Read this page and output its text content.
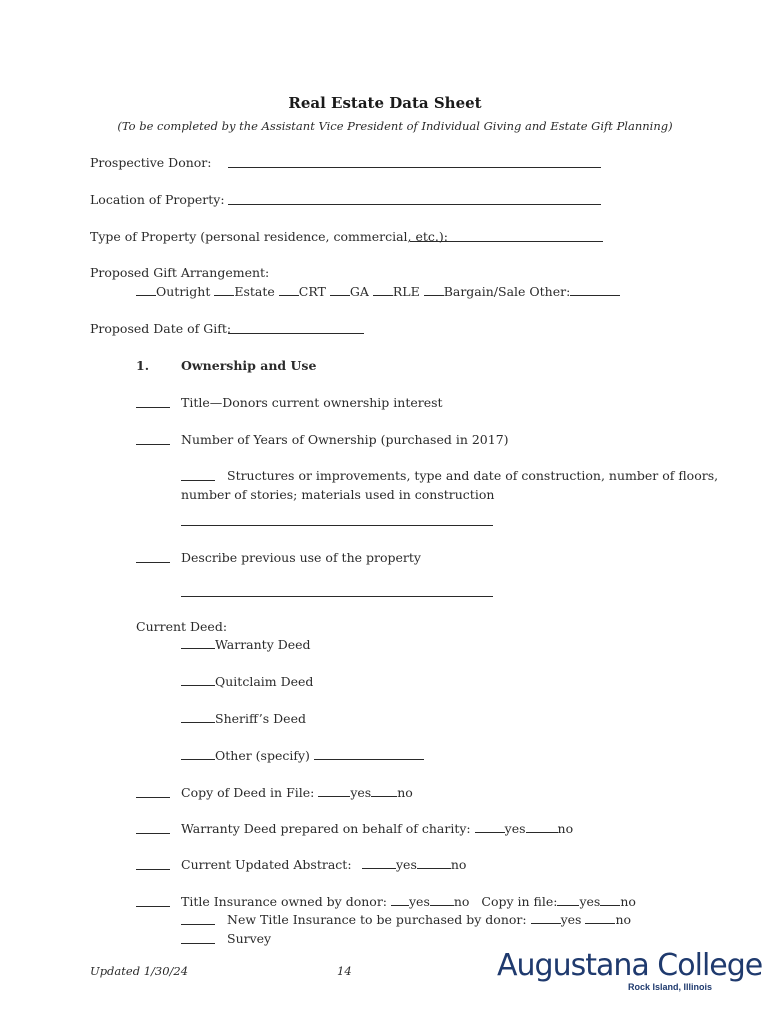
Real Estate Data Sheet
(To be completed by the Assistant Vice President of Individual Giving and Estate Gift Planning)
Prospective Donor:
Location of Property:
Type of Property (personal residence, commercial, etc.):
Proposed Gift Arrangement:
Outright Estate CRT GA RLE Bargain/Sale Other:
Proposed Date of Gift:
1.	Ownership and Use
Title—Donors current ownership interest
Number of Years of Ownership (purchased in 2017)
Structures or improvements, type and date of construction, number of floors,
number of stories; materials used in construction
Describe previous use of the property
Current Deed:
Warranty Deed
Quitclaim Deed
Sheriff’s Deed
Other (specify)
Copy of Deed in File:	yes no
Warranty Deed prepared on behalf of charity:	yes	no
Current Updated Abstract:	yes	no
Title Insurance owned by donor: yes no Copy in file: yes no
New Title Insurance to be purchased by donor:	yes	no
Survey
Updated 1/30/24	14	Augustana College
Rock Island, Illinois
